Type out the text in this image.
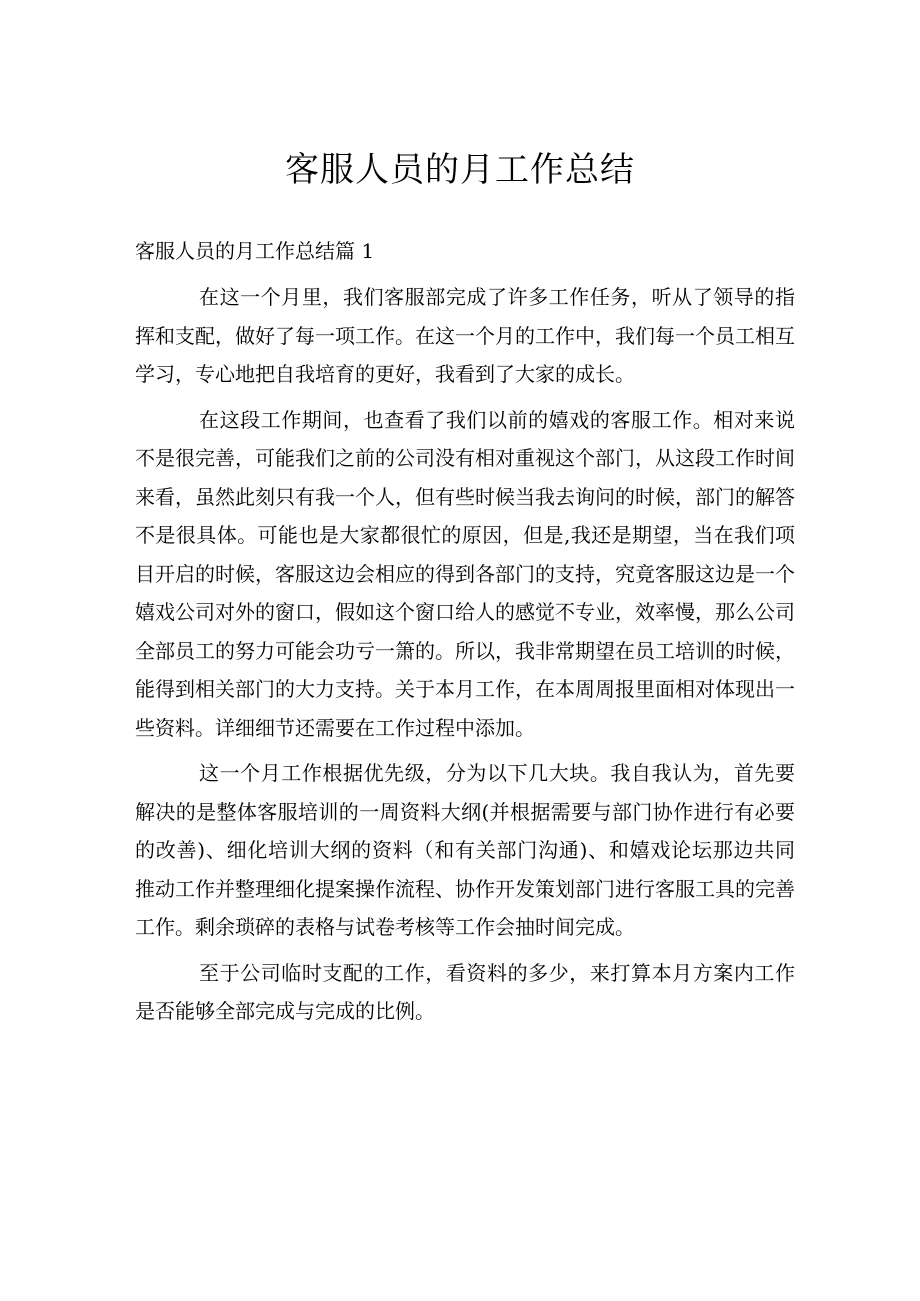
客服人员的月工作总结

客服人员的月工作总结篇 1

在这一个月里，我们客服部完成了许多工作任务，听从了领导的指
挥和支配，做好了每一项工作。在这一个月的工作中，我们每一个员工相互
学习，专心地把自我培育的更好，我看到了大家的成长。

在这段工作期间，也查看了我们以前的嬉戏的客服工作。相对来说
不是很完善，可能我们之前的公司没有相对重视这个部门，从这段工作时间
来看，虽然此刻只有我一个人，但有些时候当我去询问的时候，部门的解答
不是很具体。可能也是大家都很忙的原因，但是,我还是期望，当在我们项
目开启的时候，客服这边会相应的得到各部门的支持，究竟客服这边是一个
嬉戏公司对外的窗口，假如这个窗口给人的感觉不专业，效率慢，那么公司
全部员工的努力可能会功亏一箫的。所以，我非常期望在员工培训的时候，
能得到相关部门的大力支持。关于本月工作，在本周周报里面相对体现出一
些资料。详细细节还需要在工作过程中添加。

这一个月工作根据优先级，分为以下几大块。我自我认为，首先要
解决的是整体客服培训的一周资料大纲(并根据需要与部门协作进行有必要
的改善)、细化培训大纲的资料（和有关部门沟通)、和嬉戏论坛那边共同
推动工作并整理细化提案操作流程、协作开发策划部门进行客服工具的完善
工作。剩余琐碎的表格与试卷考核等工作会抽时间完成。

至于公司临时支配的工作，看资料的多少，来打算本月方案内工作
是否能够全部完成与完成的比例。
